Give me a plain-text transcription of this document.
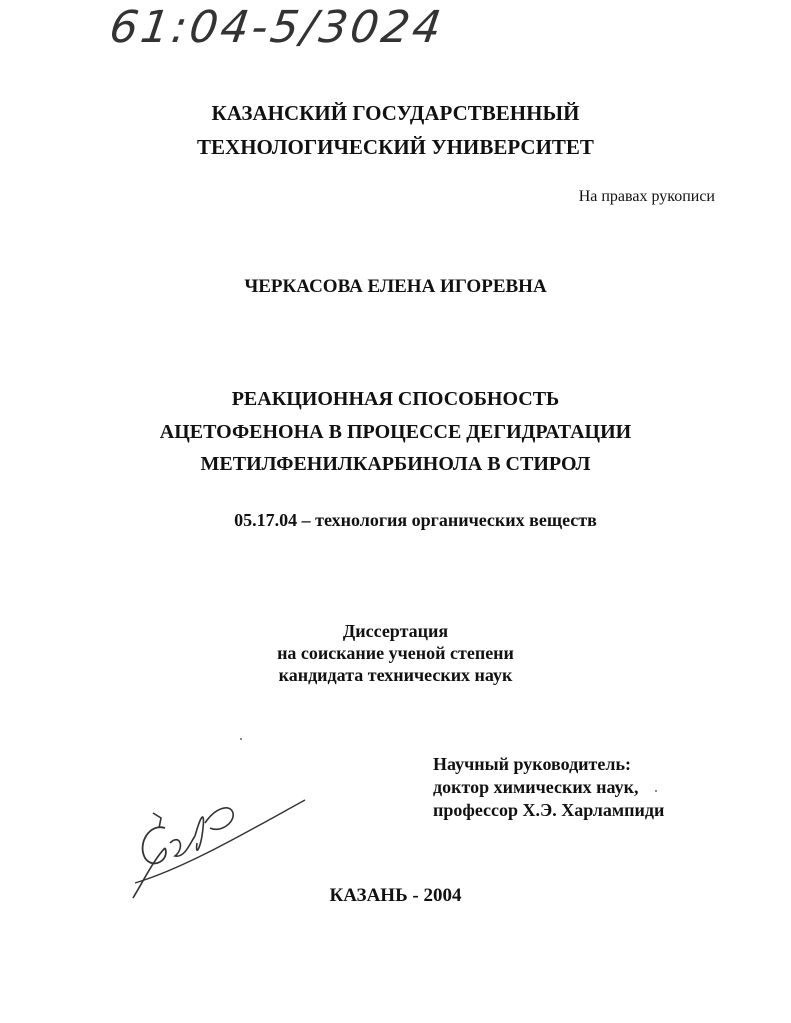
61:04-5/3024
КАЗАНСКИЙ ГОСУДАРСТВЕННЫЙ
ТЕХНОЛОГИЧЕСКИЙ УНИВЕРСИТЕТ
На правах рукописи
ЧЕРКАСОВА ЕЛЕНА ИГОРЕВНА
РЕАКЦИОННАЯ СПОСОБНОСТЬ
АЦЕТОФЕНОНА В ПРОЦЕССЕ ДЕГИДРАТАЦИИ
МЕТИЛФЕНИЛКАРБИНОЛА В СТИРОЛ
05.17.04 – технология органических веществ
Диссертация
на соискание ученой степени
кандидата технических наук
Научный руководитель:
доктор химических наук,
профессор Х.Э. Харлампиди
КАЗАНЬ - 2004
